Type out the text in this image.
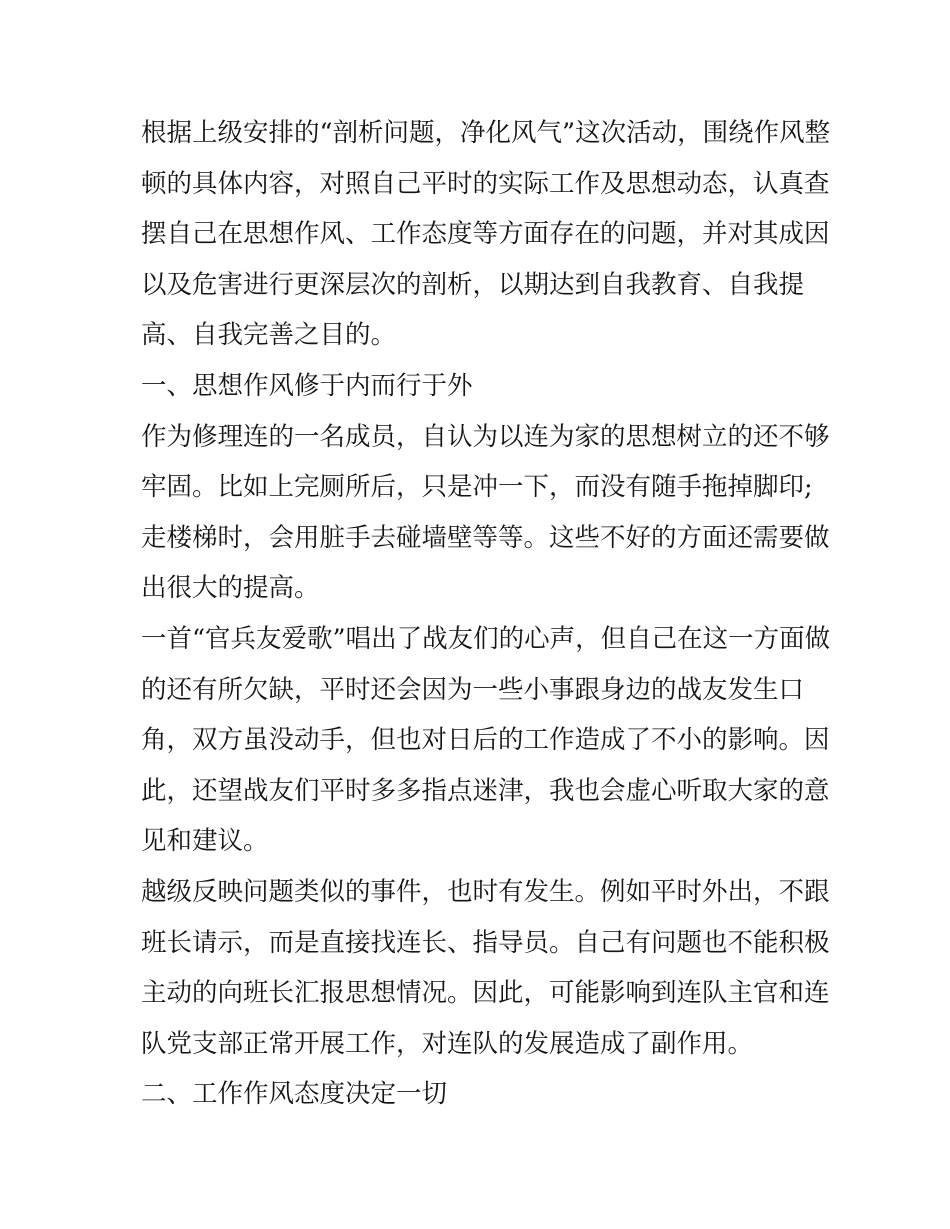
根据上级安排的“剖析问题，净化风气”这次活动，围绕作风整
顿的具体内容，对照自己平时的实际工作及思想动态，认真查
摆自己在思想作风、工作态度等方面存在的问题，并对其成因
以及危害进行更深层次的剖析，以期达到自我教育、自我提
高、自我完善之目的。
一、思想作风修于内而行于外
作为修理连的一名成员，自认为以连为家的思想树立的还不够
牢固。比如上完厕所后，只是冲一下，而没有随手拖掉脚印;
走楼梯时，会用脏手去碰墙壁等等。这些不好的方面还需要做
出很大的提高。
一首“官兵友爱歌”唱出了战友们的心声，但自己在这一方面做
的还有所欠缺，平时还会因为一些小事跟身边的战友发生口
角，双方虽没动手，但也对日后的工作造成了不小的影响。因
此，还望战友们平时多多指点迷津，我也会虚心听取大家的意
见和建议。
越级反映问题类似的事件，也时有发生。例如平时外出，不跟
班长请示，而是直接找连长、指导员。自己有问题也不能积极
主动的向班长汇报思想情况。因此，可能影响到连队主官和连
队党支部正常开展工作，对连队的发展造成了副作用。
二、工作作风态度决定一切
